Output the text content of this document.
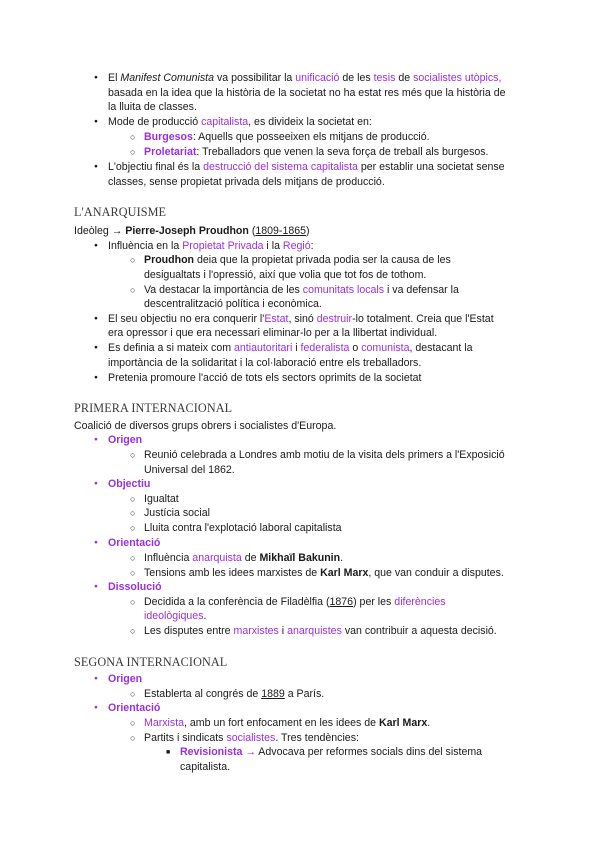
●
El Manifest Comunista va possibilitar la unificació de les tesis de socialistes utòpics,
basada en la idea que la història de la societat no ha estat res més que la història de
la lluita de classes.
●
Mode de producció capitalista, es divideix la societat en:
○
Burgesos: Aquells que posseeixen els mitjans de producció.
○
Proletariat: Treballadors que venen la seva força de treball als burgesos.
●
L'objectiu final és la destrucció del sistema capitalista per establir una societat sense
classes, sense propietat privada dels mitjans de producció.
L'ANARQUISME
Ideòleg → Pierre-Joseph Proudhon (1809-1865)
●
Influència en la Propietat Privada i la Regió:
○
Proudhon deia que la propietat privada podia ser la causa de les
desigualtats i l'opressió, així que volia que tot fos de tothom.
○
Va destacar la importància de les comunitats locals i va defensar la
descentralització política i econòmica.
●
El seu objectiu no era conquerir l'Estat, sinó destruir-lo totalment. Creia que l'Estat
era opressor i que era necessari eliminar-lo per a la llibertat individual.
●
Es definia a si mateix com antiautoritari i federalista o comunista, destacant la
importància de la solidaritat i la col·laboració entre els treballadors.
●
Pretenia promoure l'acció de tots els sectors oprimits de la societat
PRIMERA INTERNACIONAL
Coalició de diversos grups obrers i socialistes d'Europa.
●
Origen
○
Reunió celebrada a Londres amb motiu de la visita dels primers a l'Exposició
Universal del 1862.
●
Objectiu
○
Igualtat
○
Justícia social
○
Lluita contra l'explotació laboral capitalista
●
Orientació
○
Influència anarquista de Mikhaïl Bakunin.
○
Tensions amb les idees marxistes de Karl Marx, que van conduir a disputes.
●
Dissolució
○
Decidida a la conferència de Filadèlfia (1876) per les diferències
ideològiques.
○
Les disputes entre marxistes i anarquistes van contribuir a aquesta decisió.
SEGONA INTERNACIONAL
●
Origen
○
Establerta al congrés de 1889 a París.
●
Orientació
○
Marxista, amb un fort enfocament en les idees de Karl Marx.
○
Partits i sindicats socialistes. Tres tendències:
■
Revisionista → Advocava per reformes socials dins del sistema
capitalista.
